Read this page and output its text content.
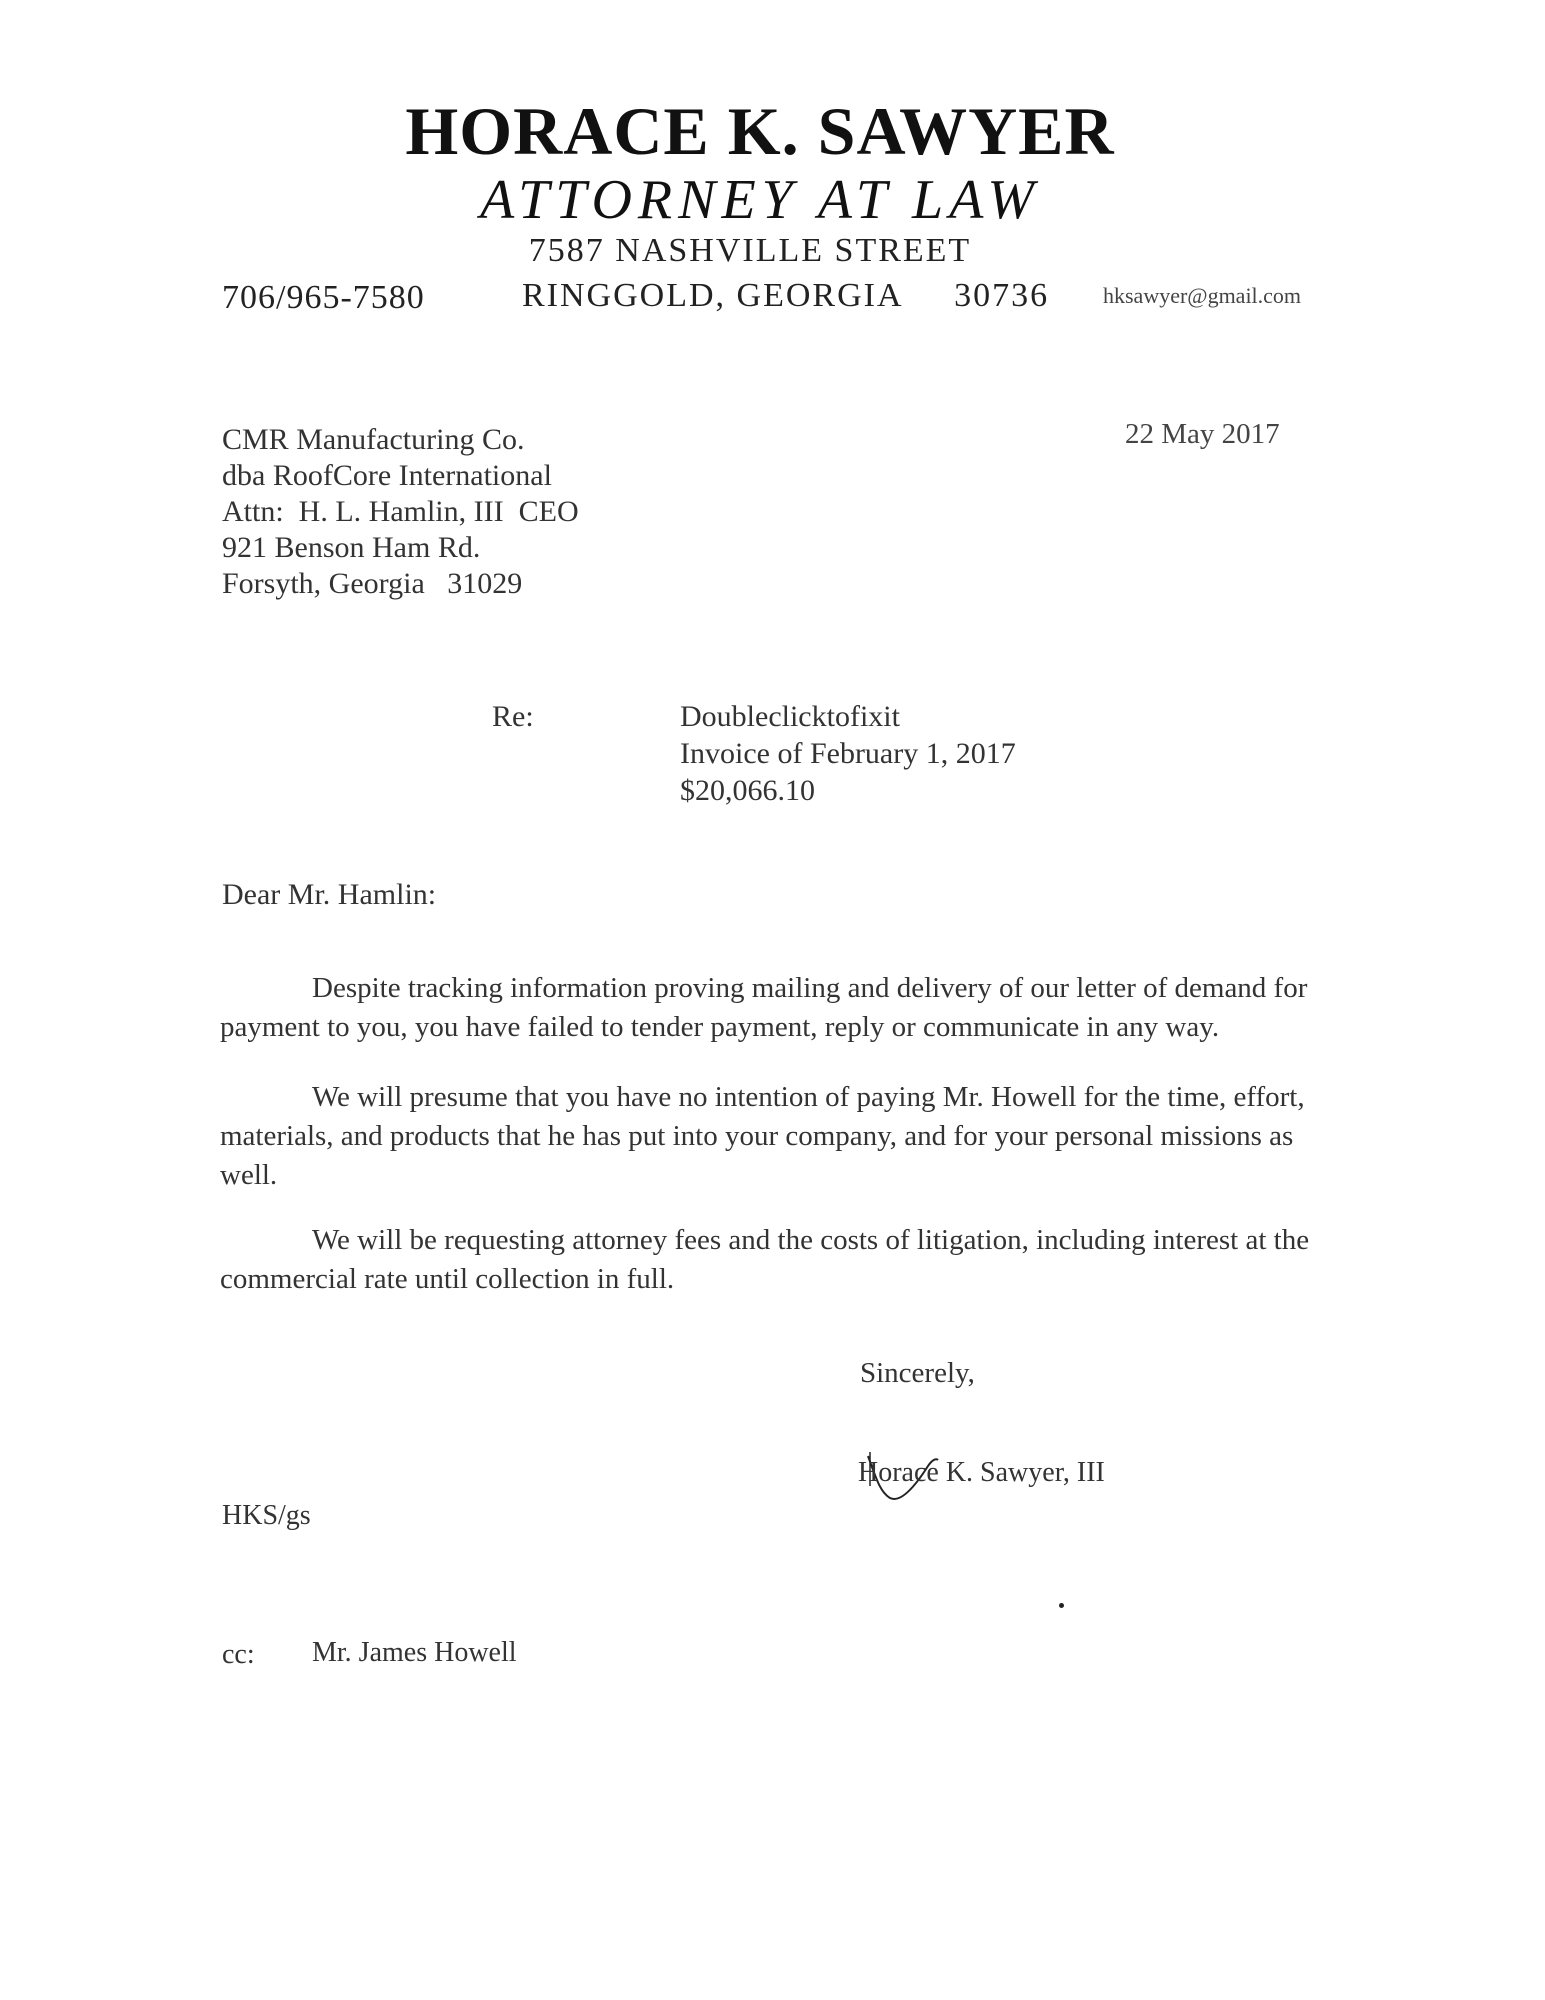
HORACE K. SAWYER
ATTORNEY AT LAW
7587 NASHVILLE STREET
706/965-7580	RINGGOLD, GEORGIA     30736 hksawyer@gmail.com
22 May 2017
CMR Manufacturing Co.
dba RoofCore International
Attn:  H. L. Hamlin, III  CEO
921 Benson Ham Rd.
Forsyth, Georgia   31029
Re:	Doubleclicktofixit
Invoice of February 1, 2017
$20,066.10
Dear Mr. Hamlin:
Despite tracking information proving mailing and delivery of our letter of demand for payment to you, you have failed to tender payment, reply or communicate in any way.
We will presume that you have no intention of paying Mr. Howell for the time, effort, materials, and products that he has put into your company, and for your personal missions as well.
We will be requesting attorney fees and the costs of litigation, including interest at the commercial rate until collection in full.
Sincerely,
Horace K. Sawyer, III
HKS/gs
cc: Mr. James Howell
